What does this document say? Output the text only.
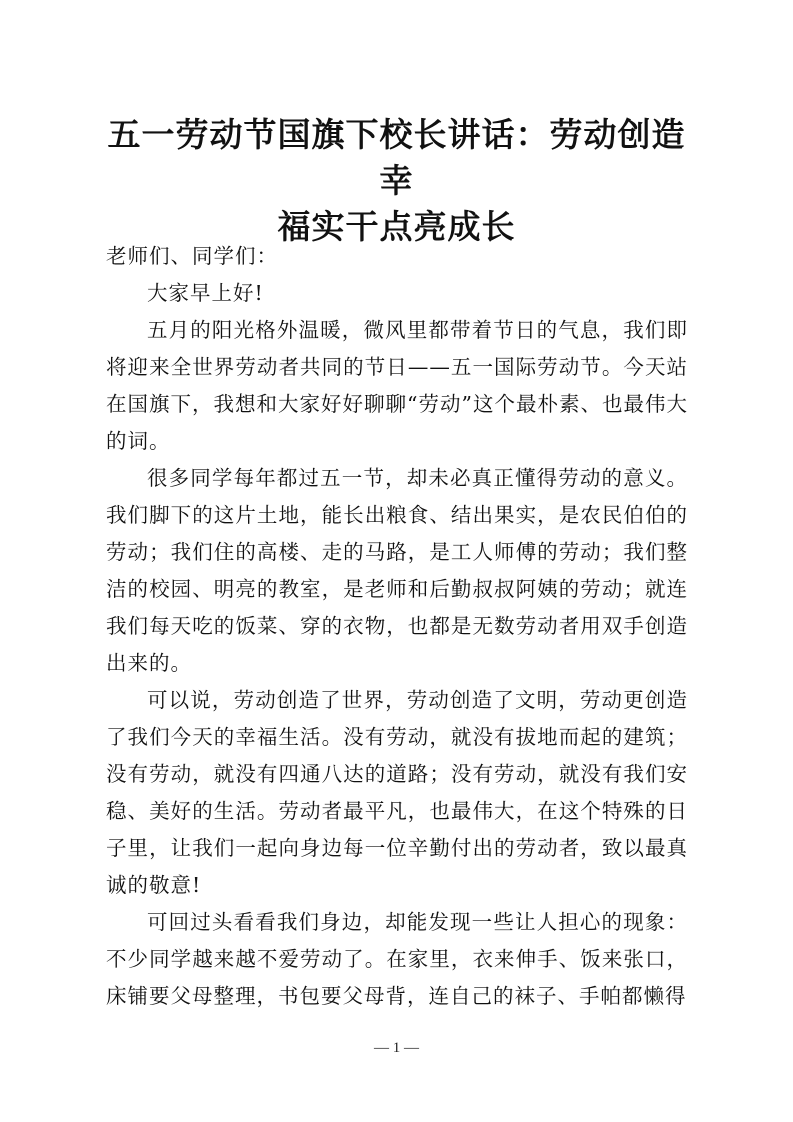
五一劳动节国旗下校长讲话：劳动创造幸
福实干点亮成长

老师们、同学们：

大家早上好!

五月的阳光格外温暖，微风里都带着节日的气息，我们即将迎来全世界劳动者共同的节日——五一国际劳动节。今天站在国旗下，我想和大家好好聊聊“劳动”这个最朴素、也最伟大的词。

很多同学每年都过五一节，却未必真正懂得劳动的意义。我们脚下的这片土地，能长出粮食、结出果实，是农民伯伯的劳动；我们住的高楼、走的马路，是工人师傅的劳动；我们整洁的校园、明亮的教室，是老师和后勤叔叔阿姨的劳动；就连我们每天吃的饭菜、穿的衣物，也都是无数劳动者用双手创造出来的。

可以说，劳动创造了世界，劳动创造了文明，劳动更创造了我们今天的幸福生活。没有劳动，就没有拔地而起的建筑；没有劳动，就没有四通八达的道路；没有劳动，就没有我们安稳、美好的生活。劳动者最平凡，也最伟大，在这个特殊的日子里，让我们一起向身边每一位辛勤付出的劳动者，致以最真诚的敬意!

可回过头看看我们身边，却能发现一些让人担心的现象：不少同学越来越不爱劳动了。在家里，衣来伸手、饭来张口，床铺要父母整理，书包要父母背，连自己的袜子、手帕都懒得

— 1 —
